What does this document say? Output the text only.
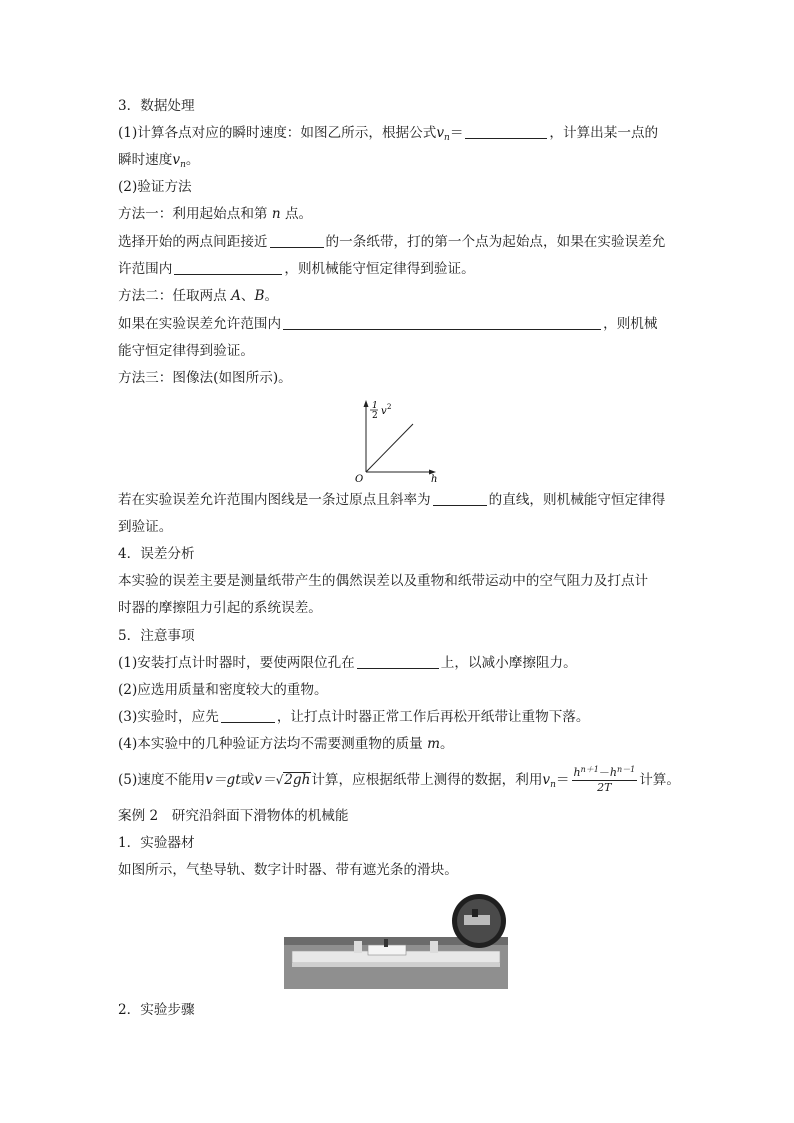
3．数据处理
(1)计算各点对应的瞬时速度：如图乙所示，根据公式$v_n=$	，计算出某一点的
瞬时速度$v_n$。
(2)验证方法
方法一：利用起始点和第 n 点。
选择开始的两点间距接近	的一条纸带，打的第一个点为起始点，如果在实验误差允
许范围内	，则机械能守恒定律得到验证。
方法二：任取两点 A、B。
如果在实验误差允许范围内	，则机械
能守恒定律得到验证。
方法三：图像法(如图所示)。
1
2 v 2
O	h
若在实验误差允许范围内图线是一条过原点且斜率为	的直线，则机械能守恒定律得
到验证。
4．误差分析
本实验的误差主要是测量纸带产生的偶然误差以及重物和纸带运动中的空气阻力及打点计
时器的摩擦阻力引起的系统误差。
5．注意事项
(1)安装打点计时器时，要使两限位孔在	上，以减小摩擦阻力。
(2)应选用质量和密度较大的重物。
(3)实验时，应先	，让打点计时器正常工作后再松开纸带让重物下落。
(4)本实验中的几种验证方法均不需要测重物的质量 m。
(5)速度不能用v＝gt或v＝√2gh计算，应根据纸带上测得的数据，利用$v_n= \frac{h^{n+1}-h^{n-1}}{2T}$ 计算。
案例 2　研究沿斜面下滑物体的机械能
1．实验器材
如图所示，气垫导轨、数字计时器、带有遮光条的滑块。
2．实验步骤
